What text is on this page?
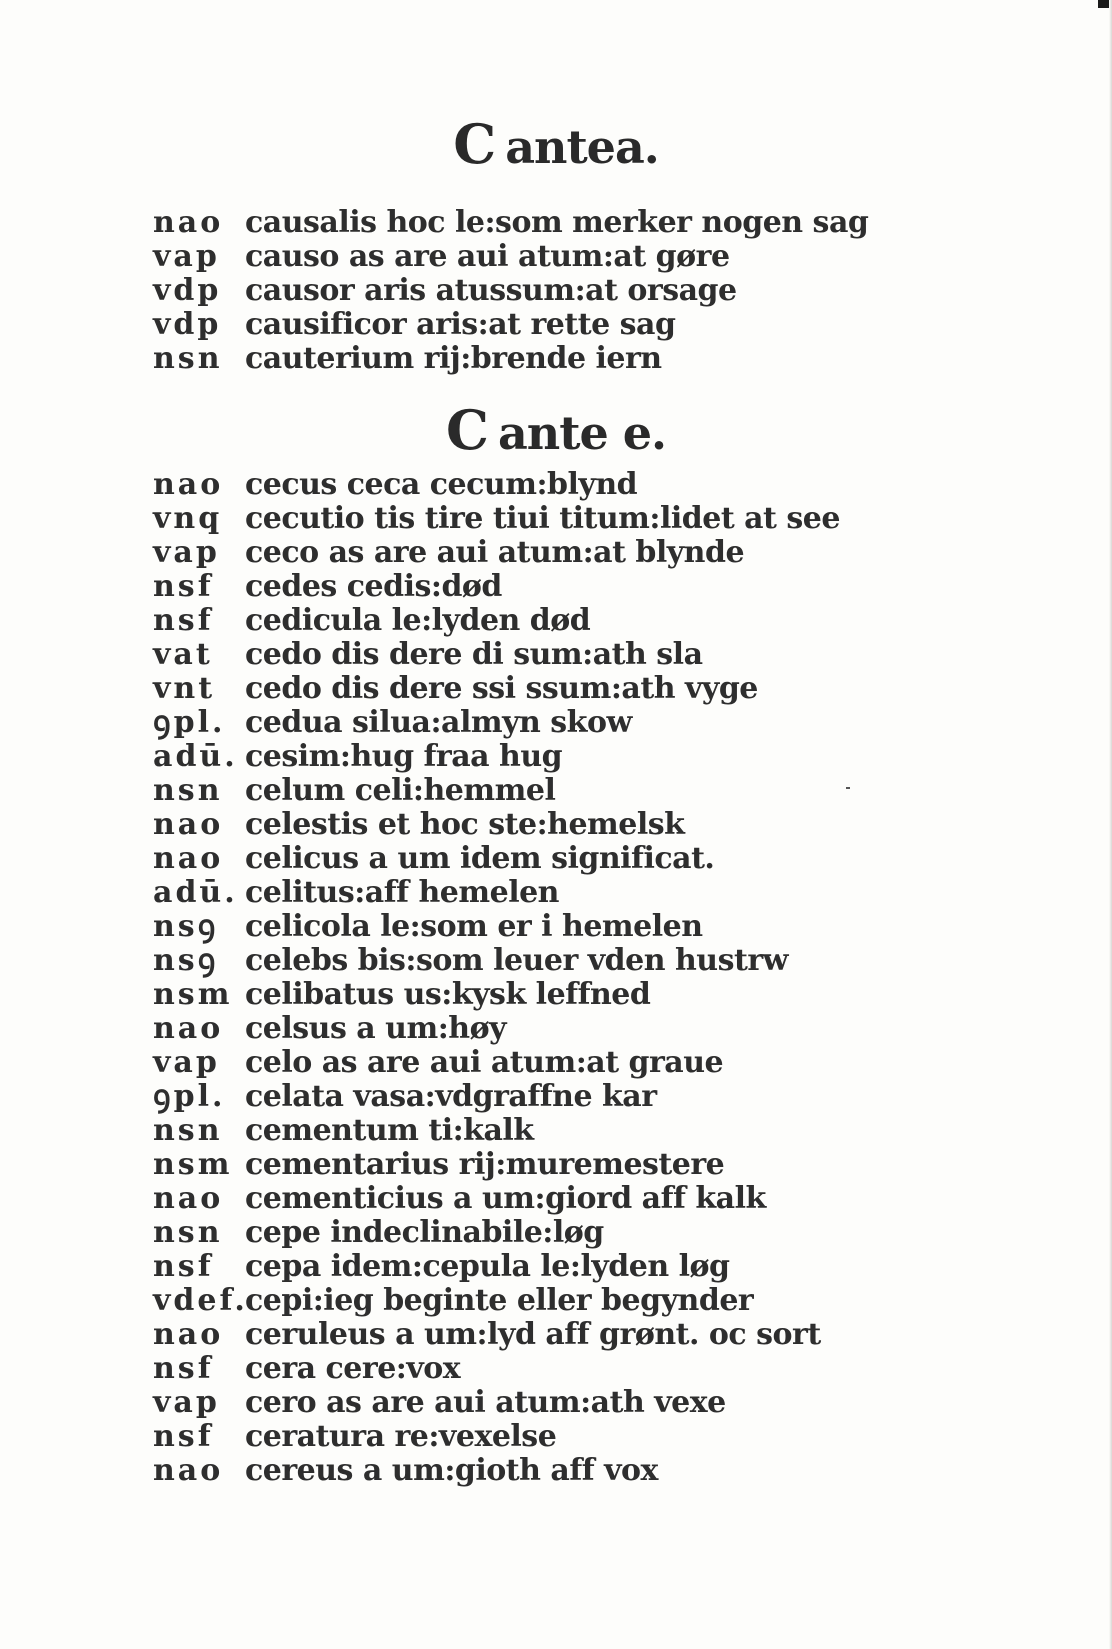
C antea.
nao causalis hoc le:som merker nogen sag
vap causo as are aui atum:at gøre
vdp causor aris atussum:at orsage
vdp causificor aris:at rette sag
nsn cauterium rij:brende iern
C ante e.
nao cecus ceca cecum:blynd
vnq cecutio tis tire tiui titum:lidet at see
vap ceco as are aui atum:at blynde
nsf cedes cedis:død
nsf cedicula le:lyden død
vat cedo dis dere di sum:ath sla
vnt cedo dis dere ssi ssum:ath vyge
ꝯpl. cedua silua:almyn skow
adū. cesim:hug fraa hug
nsn celum celi:hemmel
nao celestis et hoc ste:hemelsk
nao celicus a um idem significat.
adū. celitus:aff hemelen
nsꝯ celicola le:som er i hemelen
nsꝯ celebs bis:som leuer vden hustrw
nsm celibatus us:kysk leffned
nao celsus a um:høy
vap celo as are aui atum:at graue
ꝯpl. celata vasa:vdgraffne kar
nsn cementum ti:kalk
nsm cementarius rij:muremestere
nao cementicius a um:giord aff kalk
nsn cepe indeclinabile:løg
nsf cepa idem:cepula le:lyden løg
vdef.cepi:ieg beginte eller begynder
nao ceruleus a um:lyd aff grønt. oc sort
nsf cera cere:vox
vap cero as are aui atum:ath vexe
nsf ceratura re:vexelse
nao cereus a um:gioth aff vox
